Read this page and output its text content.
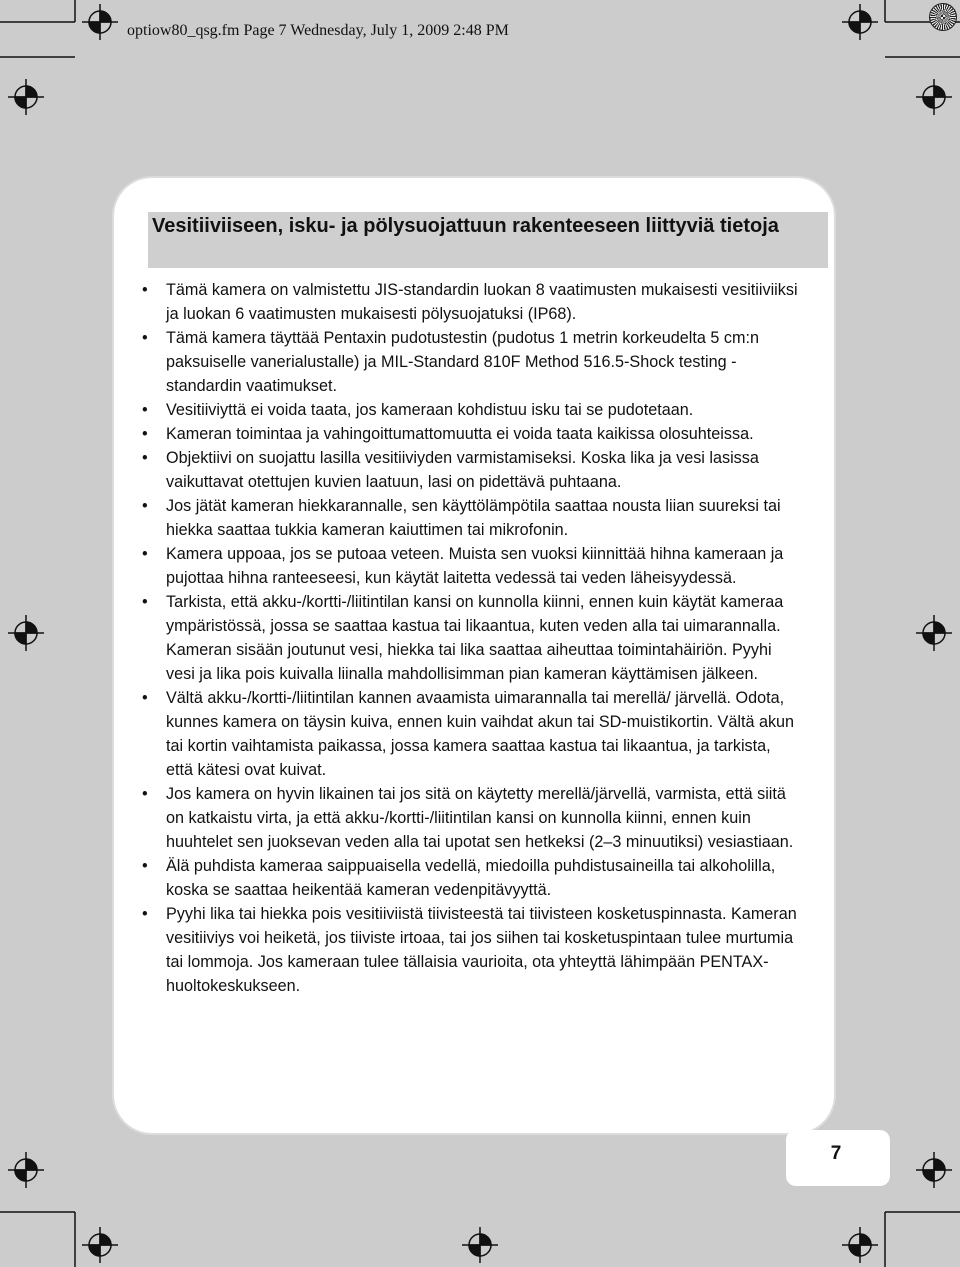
optiow80_qsg.fm Page 7 Wednesday, July 1, 2009 2:48 PM
Vesitiiviiseen, isku- ja pölysuojattuun rakenteeseen liittyviä tietoja
• Tämä kamera on valmistettu JIS-standardin luokan 8 vaatimusten mukaisesti vesitiiviiksi ja luokan 6 vaatimusten mukaisesti pölysuojatuksi (IP68).
• Tämä kamera täyttää Pentaxin pudotustestin (pudotus 1 metrin korkeudelta 5 cm:n paksuiselle vanerialustalle) ja MIL-Standard 810F Method 516.5-Shock testing -standardin vaatimukset.
• Vesitiiviyttä ei voida taata, jos kameraan kohdistuu isku tai se pudotetaan.
• Kameran toimintaa ja vahingoittumattomuutta ei voida taata kaikissa olosuhteissa.
• Objektiivi on suojattu lasilla vesitiiviyden varmistamiseksi. Koska lika ja vesi lasissa vaikuttavat otettujen kuvien laatuun, lasi on pidettävä puhtaana.
• Jos jätät kameran hiekkarannalle, sen käyttölämpötila saattaa nousta liian suureksi tai hiekka saattaa tukkia kameran kaiuttimen tai mikrofonin.
• Kamera uppoaa, jos se putoaa veteen. Muista sen vuoksi kiinnittää hihna kameraan ja pujottaa hihna ranteeseesi, kun käytät laitetta vedessä tai veden läheisyydessä.
• Tarkista, että akku-/kortti-/liitintilan kansi on kunnolla kiinni, ennen kuin käytät kameraa ympäristössä, jossa se saattaa kastua tai likaantua, kuten veden alla tai uimarannalla. Kameran sisään joutunut vesi, hiekka tai lika saattaa aiheuttaa toimintahäiriön. Pyyhi vesi ja lika pois kuivalla liinalla mahdollisimman pian kameran käyttämisen jälkeen.
• Vältä akku-/kortti-/liitintilan kannen avaamista uimarannalla tai merellä/ järvellä. Odota, kunnes kamera on täysin kuiva, ennen kuin vaihdat akun tai SD-muistikortin. Vältä akun tai kortin vaihtamista paikassa, jossa kamera saattaa kastua tai likaantua, ja tarkista, että kätesi ovat kuivat.
• Jos kamera on hyvin likainen tai jos sitä on käytetty merellä/järvellä, varmista, että siitä on katkaistu virta, ja että akku-/kortti-/liitintilan kansi on kunnolla kiinni, ennen kuin huuhtelet sen juoksevan veden alla tai upotat sen hetkeksi (2–3 minuutiksi) vesiastiaan.
• Älä puhdista kameraa saippuaisella vedellä, miedoilla puhdistusaineilla tai alkoholilla, koska se saattaa heikentää kameran vedenpitävyyttä.
• Pyyhi lika tai hiekka pois vesitiiviistä tiivisteestä tai tiivisteen kosketuspinnasta. Kameran vesitiiviys voi heiketä, jos tiiviste irtoaa, tai jos siihen tai kosketuspintaan tulee murtumia tai lommoja. Jos kameraan tulee tällaisia vaurioita, ota yhteyttä lähimpään PENTAX-huoltokeskukseen.
7
